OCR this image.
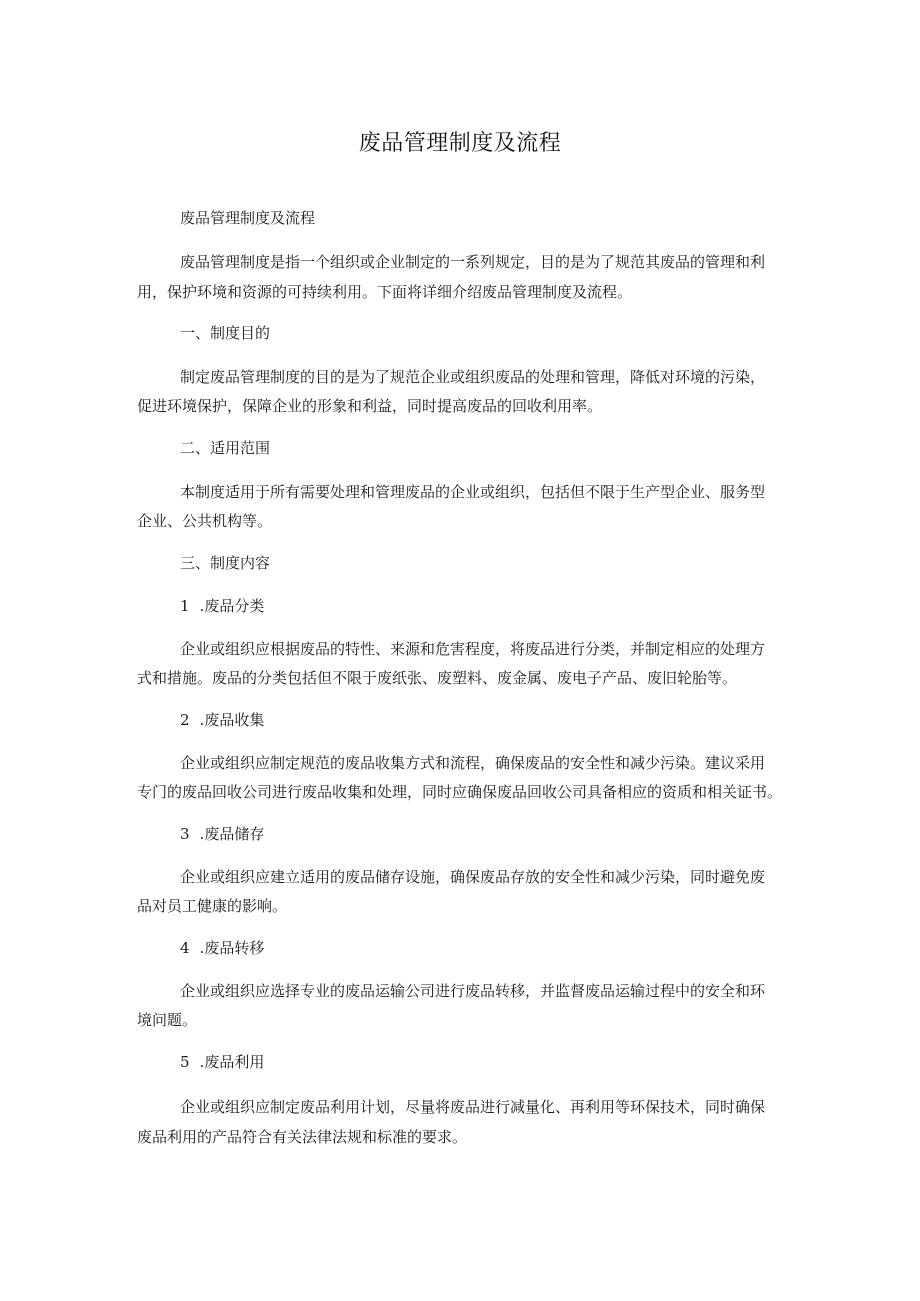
废品管理制度及流程
废品管理制度及流程
废品管理制度是指一个组织或企业制定的一系列规定，目的是为了规范其废品的管理和利
用，保护环境和资源的可持续利用。下面将详细介绍废品管理制度及流程。
一、制度目的
制定废品管理制度的目的是为了规范企业或组织废品的处理和管理，降低对环境的污染，
促进环境保护，保障企业的形象和利益，同时提高废品的回收利用率。
二、适用范围
本制度适用于所有需要处理和管理废品的企业或组织，包括但不限于生产型企业、服务型
企业、公共机构等。
三、制度内容
1 .废品分类
企业或组织应根据废品的特性、来源和危害程度，将废品进行分类，并制定相应的处理方
式和措施。废品的分类包括但不限于废纸张、废塑料、废金属、废电子产品、废旧轮胎等。
2 .废品收集
企业或组织应制定规范的废品收集方式和流程，确保废品的安全性和减少污染。建议采用
专门的废品回收公司进行废品收集和处理，同时应确保废品回收公司具备相应的资质和相关证书。
3 .废品储存
企业或组织应建立适用的废品储存设施，确保废品存放的安全性和减少污染，同时避免废
品对员工健康的影响。
4 .废品转移
企业或组织应选择专业的废品运输公司进行废品转移，并监督废品运输过程中的安全和环
境问题。
5 .废品利用
企业或组织应制定废品利用计划，尽量将废品进行减量化、再利用等环保技术，同时确保
废品利用的产品符合有关法律法规和标准的要求。
